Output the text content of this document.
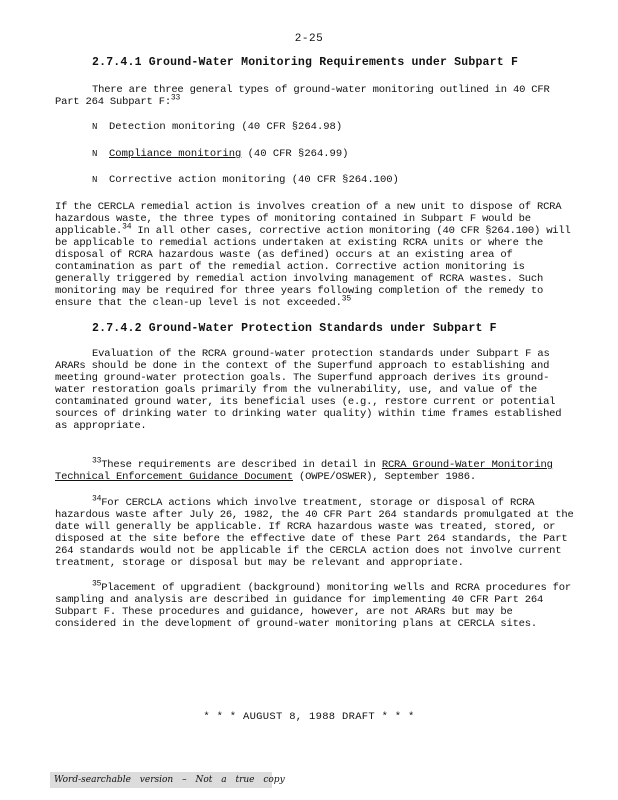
2-25
2.7.4.1 Ground-Water Monitoring Requirements under Subpart F
There are three general types of ground-water monitoring outlined in 40 CFR Part 264 Subpart F:$^{33}$
N Detection monitoring (40 CFR §264.98)
N Compliance monitoring (40 CFR §264.99)
N Corrective action monitoring (40 CFR §264.100)
If the CERCLA remedial action is involves creation of a new unit to dispose of RCRA hazardous waste, the three types of monitoring contained in Subpart F would be applicable.$^{34}$ In all other cases, corrective action monitoring (40 CFR §264.100) will be applicable to remedial actions undertaken at existing RCRA units or where the disposal of RCRA hazardous waste (as defined) occurs at an existing area of contamination as part of the remedial action. Corrective action monitoring is generally triggered by remedial action involving management of RCRA wastes. Such monitoring may be required for three years following completion of the remedy to ensure that the clean-up level is not exceeded.$^{35}$
2.7.4.2 Ground-Water Protection Standards under Subpart F
Evaluation of the RCRA ground-water protection standards under Subpart F as ARARs should be done in the context of the Superfund approach to establishing and meeting ground-water protection goals. The Superfund approach derives its ground-water restoration goals primarily from the vulnerability, use, and value of the contaminated ground water, its beneficial uses (e.g., restore current or potential sources of drinking water to drinking water quality) within time frames established as appropriate.
$^{33}$These requirements are described in detail in RCRA Ground-Water Monitoring Technical Enforcement Guidance Document (OWPE/OSWER), September 1986.
$^{34}$For CERCLA actions which involve treatment, storage or disposal of RCRA hazardous waste after July 26, 1982, the 40 CFR Part 264 standards promulgated at the date will generally be applicable. If RCRA hazardous waste was treated, stored, or disposed at the site before the effective date of these Part 264 standards, the Part 264 standards would not be applicable if the CERCLA action does not involve current treatment, storage or disposal but may be relevant and appropriate.
$^{35}$Placement of upgradient (background) monitoring wells and RCRA procedures for sampling and analysis are described in guidance for implementing 40 CFR Part 264 Subpart F. These procedures and guidance, however, are not ARARs but may be considered in the development of ground-water monitoring plans at CERCLA sites.
* * * AUGUST 8, 1988 DRAFT * * *
Word-searchable version – Not a true copy
